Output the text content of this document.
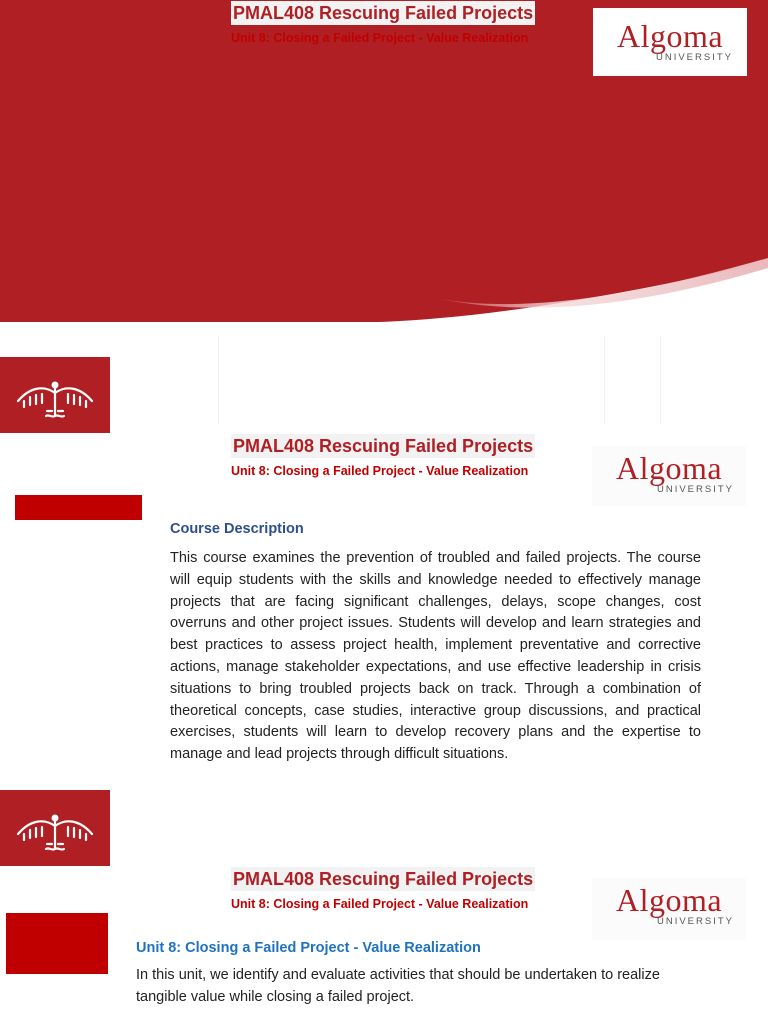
PMAL408 Rescuing Failed Projects
Unit 8: Closing a Failed Project - Value Realization	Algoma
UNIVERSITY
PMAL408 Rescuing Failed Projects
Unit 8: Closing a Failed Project - Value Realization	Algoma
UNIVERSITY
Course Description
This course examines the prevention of troubled and failed projects. The course will equip students with the skills and knowledge needed to effectively manage projects that are facing significant challenges, delays, scope changes, cost overruns and other project issues. Students will develop and learn strategies and best practices to assess project health, implement preventative and corrective actions, manage stakeholder expectations, and use effective leadership in crisis situations to bring troubled projects back on track. Through a combination of theoretical concepts, case studies, interactive group discussions, and practical exercises, students will learn to develop recovery plans and the expertise to manage and lead projects through difficult situations.
PMAL408 Rescuing Failed Projects
Unit 8: Closing a Failed Project - Value Realization	Algoma
UNIVERSITY
Unit 8: Closing a Failed Project - Value Realization
In this unit, we identify and evaluate activities that should be undertaken to realize tangible value while closing a failed project.
